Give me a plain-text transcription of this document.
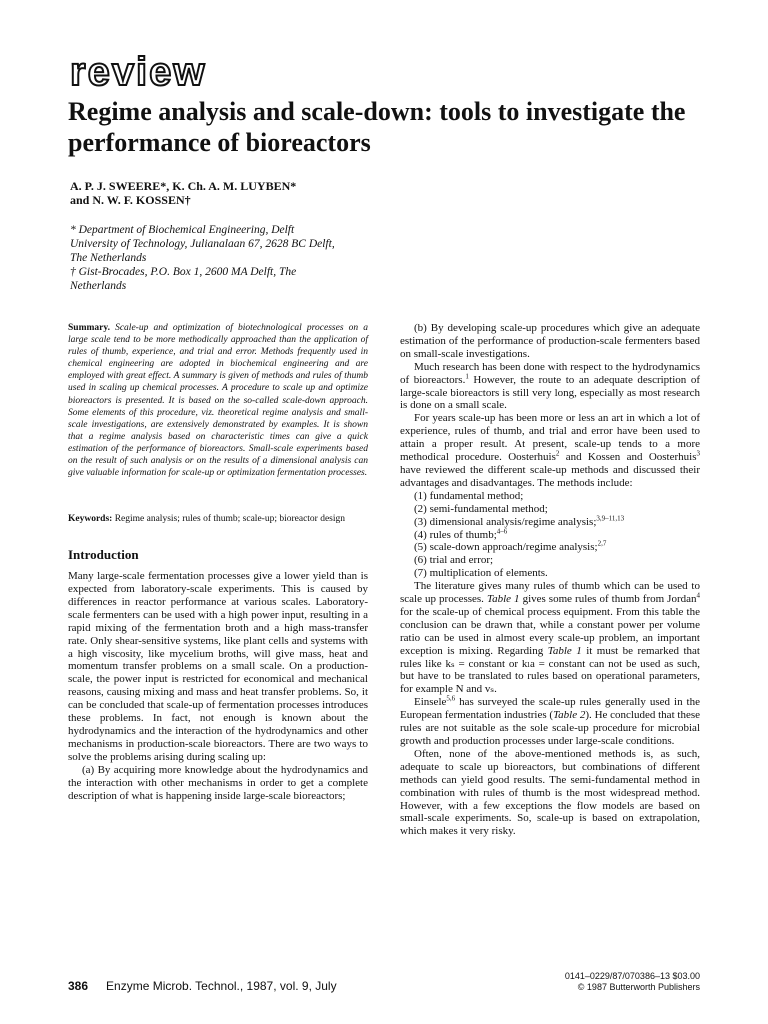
review
Regime analysis and scale-down: tools to investigate the performance of bioreactors
A. P. J. SWEERE*, K. Ch. A. M. LUYBEN*
and N. W. F. KOSSEN†
* Department of Biochemical Engineering, Delft
University of Technology, Julianalaan 67, 2628 BC Delft,
The Netherlands
† Gist-Brocades, P.O. Box 1, 2600 MA Delft, The
Netherlands

Summary. Scale-up and optimization of biotechnological processes on a large scale tend to be more methodically approached than the application of rules of thumb, experience, and trial and error. Methods frequently used in chemical engineering are adopted in biochemical engineering and are employed with great effect. A summary is given of methods and rules of thumb used in scaling up chemical processes. A procedure to scale up and optimize bioreactors is presented. It is based on the so-called scale-down approach. Some elements of this procedure, viz. theoretical regime analysis and small-scale investigations, are extensively demonstrated by examples. It is shown that a regime analysis based on characteristic times can give a quick estimation of the performance of bioreactors. Small-scale experiments based on the result of such analysis or on the results of a dimensional analysis can give valuable information for scale-up or optimization fermentation processes.

Keywords: Regime analysis; rules of thumb; scale-up; bioreactor design

Introduction

Many large-scale fermentation processes give a lower yield than is expected from laboratory-scale experiments. This is caused by differences in reactor performance at various scales. Laboratory-scale fermenters can be used with a high power input, resulting in a rapid mixing of the fermentation broth and a high mass-transfer rate. Only shear-sensitive systems, like plant cells and systems with a high viscosity, like mycelium broths, will give mass, heat and momentum transfer problems on a small scale. On a production-scale, the power input is restricted for economical and mechanical reasons, causing mixing and mass and heat transfer problems. So, it can be concluded that scale-up of fermentation processes introduces these problems. In fact, not enough is known about the hydrodynamics and the interaction of the hydrodynamics and other mechanisms in production-scale bioreactors. There are two ways to solve the problems arising during scaling up:

(a) By acquiring more knowledge about the hydrodynamics and the interaction with other mechanisms in order to get a complete description of what is happening inside large-scale bioreactors;

(b) By developing scale-up procedures which give an adequate estimation of the performance of production-scale fermenters based on small-scale investigations.

Much research has been done with respect to the hydrodynamics of bioreactors.$^1$ However, the route to an adequate description of large-scale bioreactors is still very long, especially as most research is done on a small scale.

For years scale-up has been more or less an art in which a lot of experience, rules of thumb, and trial and error have been used to attain a proper result. At present, scale-up tends to a more methodical procedure. Oosterhuis$^2$ and Kossen and Oosterhuis$^3$ have reviewed the different scale-up methods and discussed their advantages and disadvantages. The methods include:

(1) fundamental method;
(2) semi-fundamental method;
(3) dimensional analysis/regime analysis;$^{3,9-11,13}$
(4) rules of thumb;$^{4-6}$
(5) scale-down approach/regime analysis;$^{2,7}$
(6) trial and error;
(7) multiplication of elements.

The literature gives many rules of thumb which can be used to scale up processes. Table 1 gives some rules of thumb from Jordan$^4$ for the scale-up of chemical process equipment. From this table the conclusion can be drawn that, while a constant power per volume ratio can be used in almost every scale-up problem, an important exception is mixing. Regarding Table 1 it must be remarked that rules like kₛ = constant or kₗa = constant can not be used as such, but have to be translated to rules based on operational parameters, for example N and vₛ.

Einsele$^{5,6}$ has surveyed the scale-up rules generally used in the European fermentation industries (Table 2). He concluded that these rules are not suitable as the sole scale-up procedure for microbial growth and production processes under large-scale conditions.

Often, none of the above-mentioned methods is, as such, adequate to scale up bioreactors, but combinations of different methods can yield good results. The semi-fundamental method in combination with rules of thumb is the most widespread method. However, with a few exceptions the flow models are based on small-scale experiments. So, scale-up is based on extrapolation, which makes it very risky.

386 Enzyme Microb. Technol., 1987, vol. 9, July
0141–0229/87/070386–13 $03.00
© 1987 Butterworth Publishers
